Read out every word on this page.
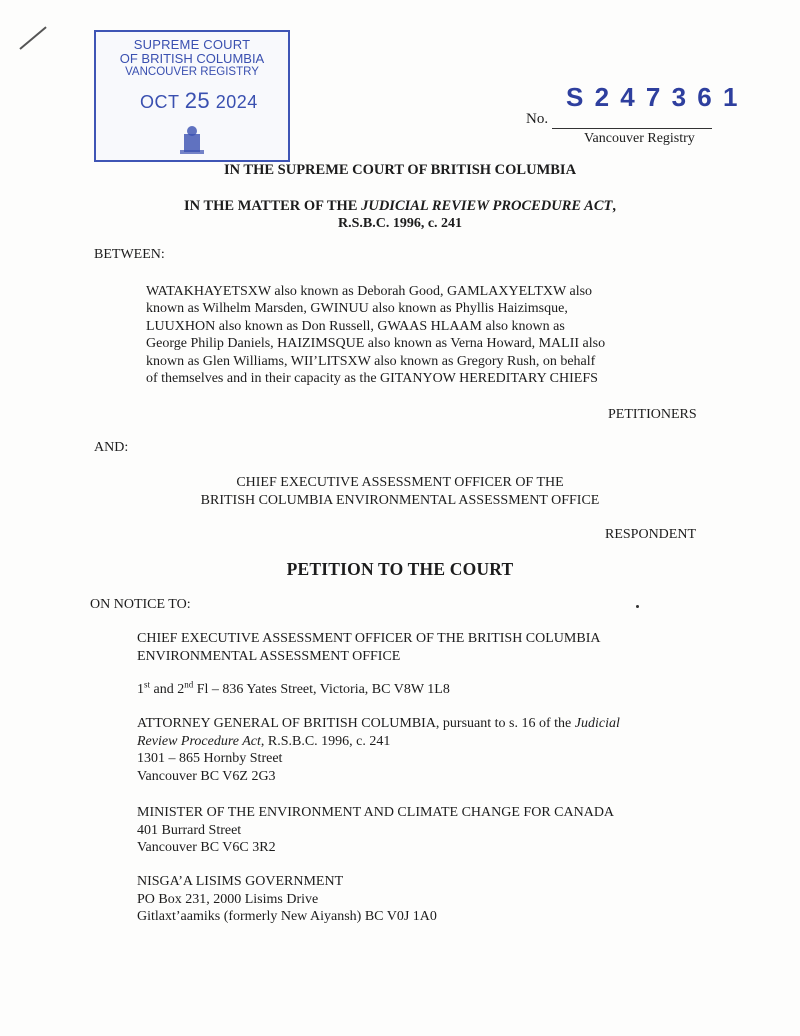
SUPREME COURT
OF BRITISH COLUMBIA
VANCOUVER REGISTRY
OCT 25 2024	S 2 4 7 3 6 1
No.
Vancouver Registry
IN THE SUPREME COURT OF BRITISH COLUMBIA
IN THE MATTER OF THE JUDICIAL REVIEW PROCEDURE ACT,
R.S.B.C. 1996, c. 241
BETWEEN:
WATAKHAYETSXW also known as Deborah Good, GAMLAXYELTXW also
known as Wilhelm Marsden, GWINUU also known as Phyllis Haizimsque,
LUUXHON also known as Don Russell, GWAAS HLAAM also known as
George Philip Daniels, HAIZIMSQUE also known as Verna Howard, MALII also
known as Glen Williams, WII’LITSXW also known as Gregory Rush, on behalf
of themselves and in their capacity as the GITANYOW HEREDITARY CHIEFS
PETITIONERS
AND:
CHIEF EXECUTIVE ASSESSMENT OFFICER OF THE
BRITISH COLUMBIA ENVIRONMENTAL ASSESSMENT OFFICE
RESPONDENT
PETITION TO THE COURT
ON NOTICE TO:
CHIEF EXECUTIVE ASSESSMENT OFFICER OF THE BRITISH COLUMBIA
ENVIRONMENTAL ASSESSMENT OFFICE
1st and 2nd Fl – 836 Yates Street, Victoria, BC V8W 1L8
ATTORNEY GENERAL OF BRITISH COLUMBIA, pursuant to s. 16 of the Judicial
Review Procedure Act, R.S.B.C. 1996, c. 241
1301 – 865 Hornby Street
Vancouver BC V6Z 2G3
MINISTER OF THE ENVIRONMENT AND CLIMATE CHANGE FOR CANADA
401 Burrard Street
Vancouver BC V6C 3R2
NISGA’A LISIMS GOVERNMENT
PO Box 231, 2000 Lisims Drive
Gitlaxt’aamiks (formerly New Aiyansh) BC V0J 1A0
